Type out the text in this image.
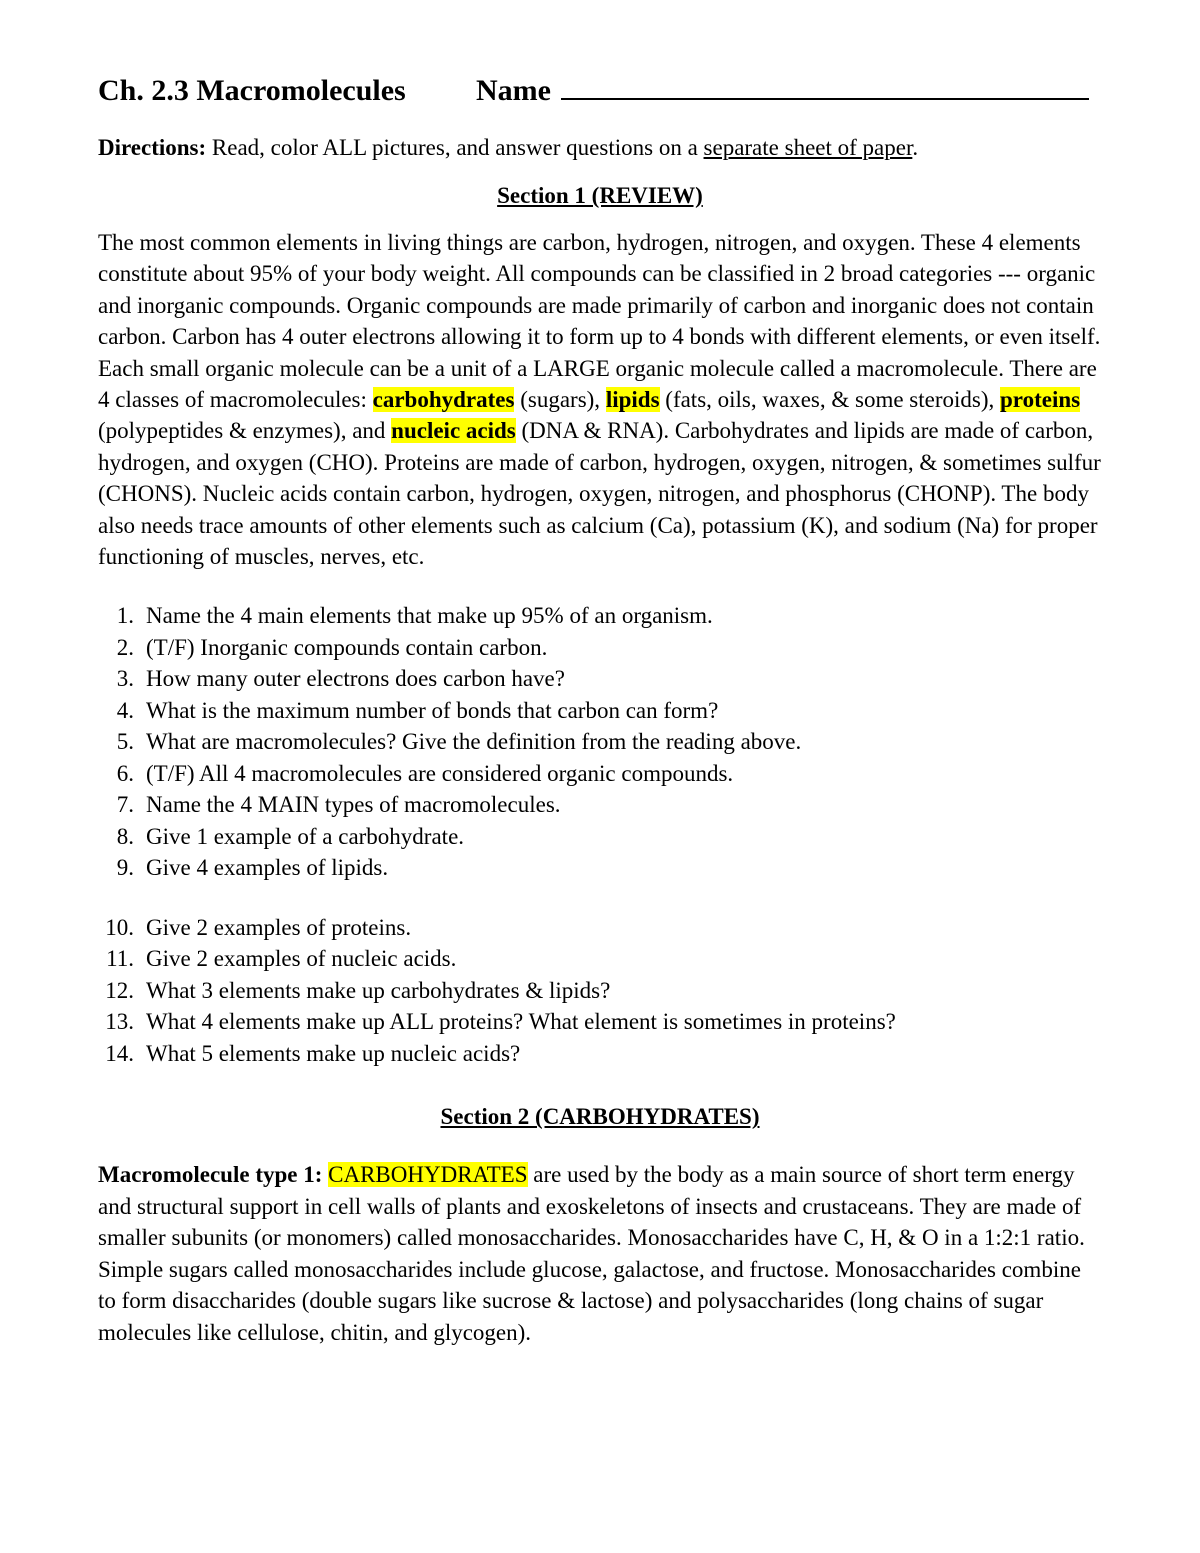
Ch. 2.3 Macromolecules	Name
Directions: Read, color ALL pictures, and answer questions on a separate sheet of paper.
Section 1 (REVIEW)
The most common elements in living things are carbon, hydrogen, nitrogen, and oxygen. These 4 elements constitute about 95% of your body weight. All compounds can be classified in 2 broad categories --- organic and inorganic compounds. Organic compounds are made primarily of carbon and inorganic does not contain carbon. Carbon has 4 outer electrons allowing it to form up to 4 bonds with different elements, or even itself. Each small organic molecule can be a unit of a LARGE organic molecule called a macromolecule. There are 4 classes of macromolecules: carbohydrates (sugars), lipids (fats, oils, waxes, & some steroids), proteins (polypeptides & enzymes), and nucleic acids (DNA & RNA). Carbohydrates and lipids are made of carbon, hydrogen, and oxygen (CHO). Proteins are made of carbon, hydrogen, oxygen, nitrogen, & sometimes sulfur (CHONS). Nucleic acids contain carbon, hydrogen, oxygen, nitrogen, and phosphorus (CHONP). The body also needs trace amounts of other elements such as calcium (Ca), potassium (K), and sodium (Na) for proper functioning of muscles, nerves, etc.
1. Name the 4 main elements that make up 95% of an organism.
2. (T/F) Inorganic compounds contain carbon.
3. How many outer electrons does carbon have?
4. What is the maximum number of bonds that carbon can form?
5. What are macromolecules? Give the definition from the reading above.
6. (T/F) All 4 macromolecules are considered organic compounds.
7. Name the 4 MAIN types of macromolecules.
8. Give 1 example of a carbohydrate.
9. Give 4 examples of lipids.
10. Give 2 examples of proteins.
11. Give 2 examples of nucleic acids.
12. What 3 elements make up carbohydrates & lipids?
13. What 4 elements make up ALL proteins? What element is sometimes in proteins?
14. What 5 elements make up nucleic acids?
Section 2 (CARBOHYDRATES)
Macromolecule type 1: CARBOHYDRATES are used by the body as a main source of short term energy and structural support in cell walls of plants and exoskeletons of insects and crustaceans. They are made of smaller subunits (or monomers) called monosaccharides. Monosaccharides have C, H, & O in a 1:2:1 ratio. Simple sugars called monosaccharides include glucose, galactose, and fructose. Monosaccharides combine to form disaccharides (double sugars like sucrose & lactose) and polysaccharides (long chains of sugar molecules like cellulose, chitin, and glycogen).
